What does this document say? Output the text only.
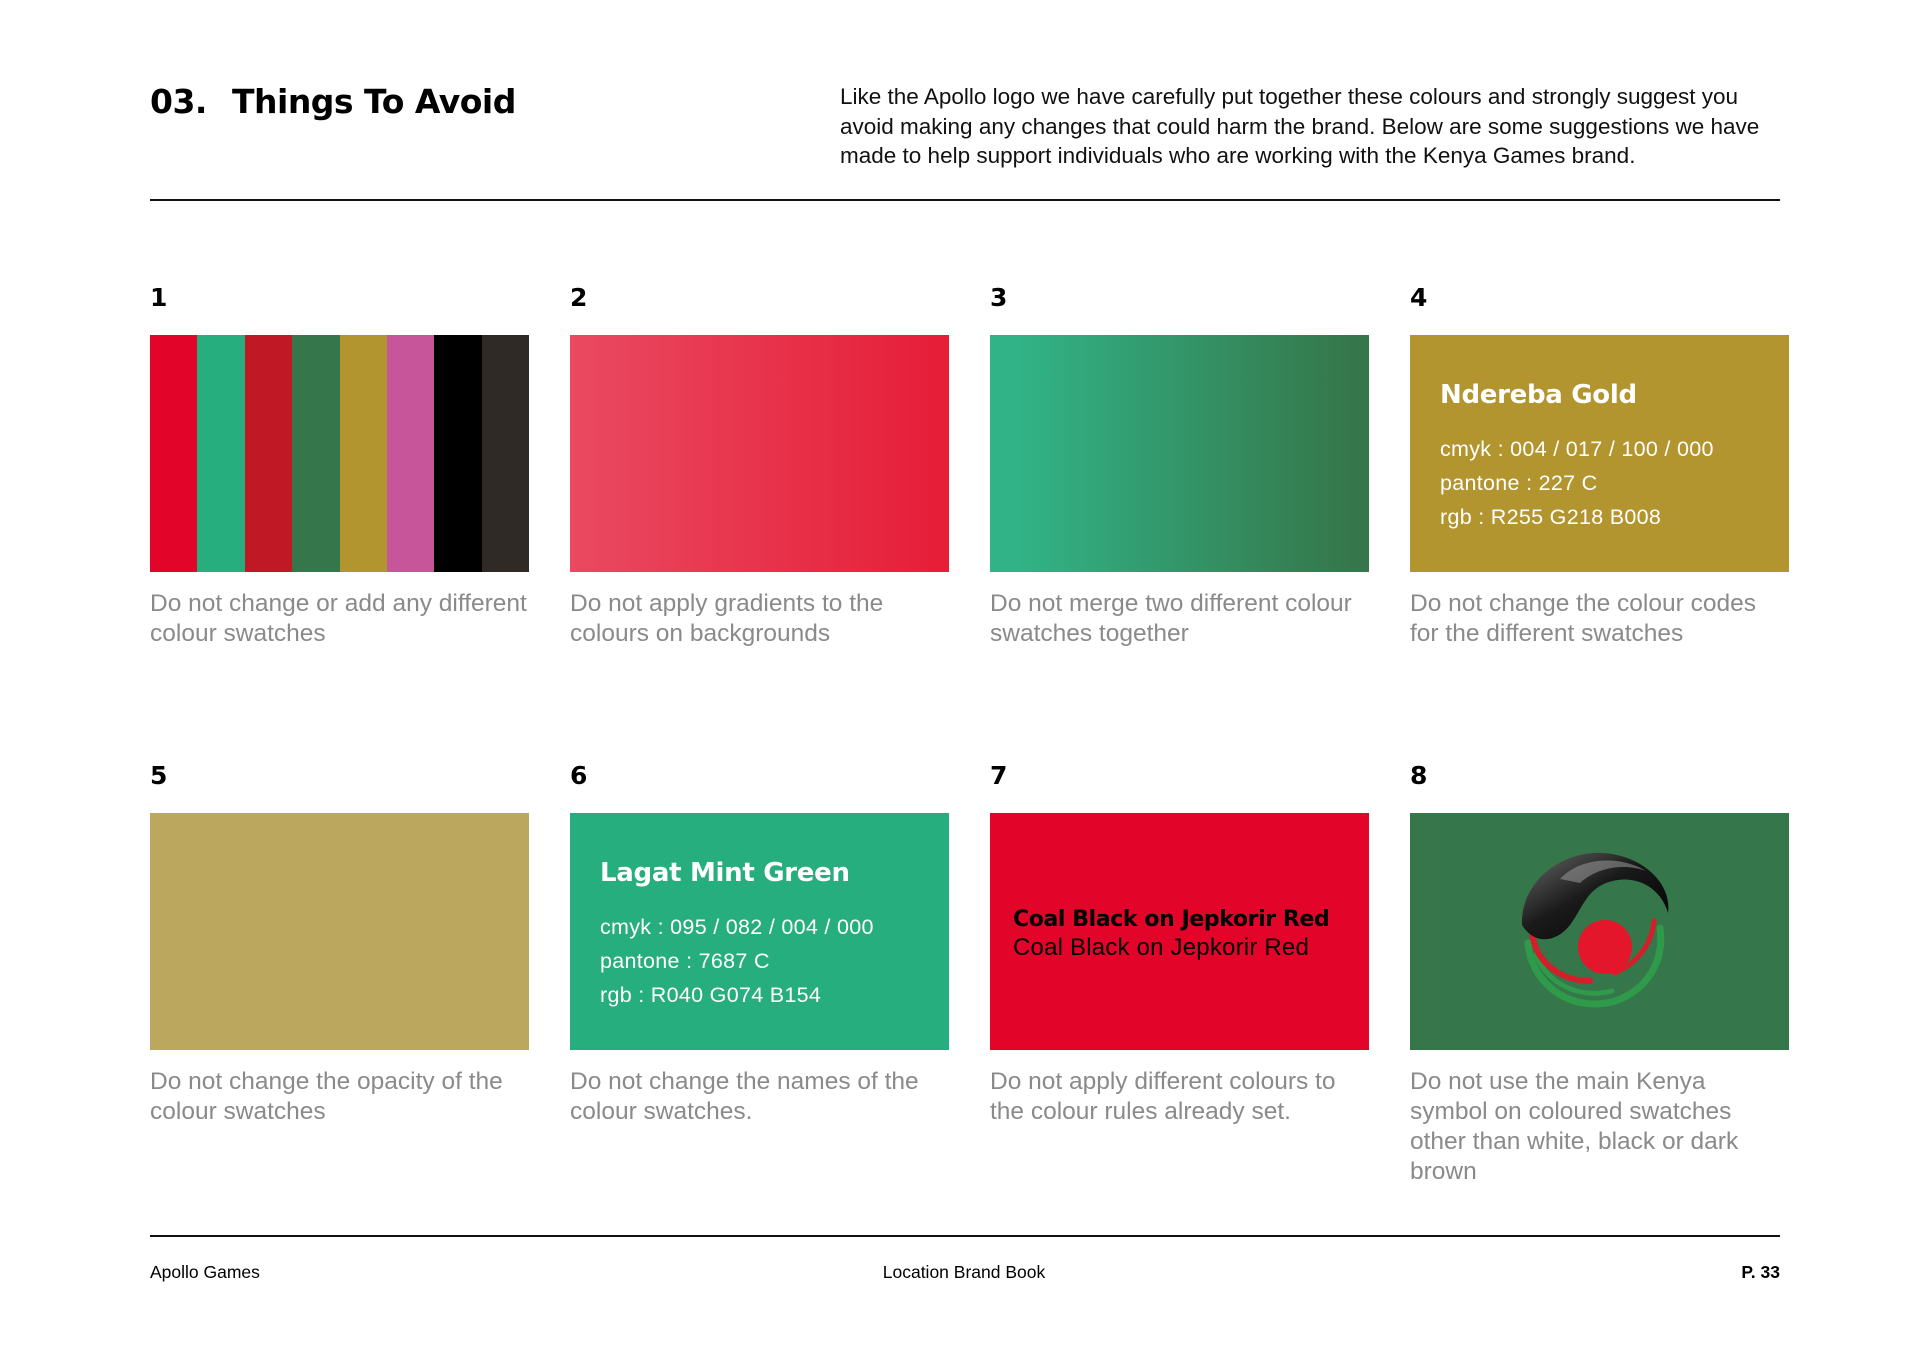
03. Things To Avoid	Like the Apollo logo we have carefully put together these colours and strongly suggest you avoid making any changes that could harm the brand. Below are some suggestions we have made to help support individuals who are working with the Kenya Games brand.

1
Do not change or add any different colour swatches
2
Do not apply gradients to the colours on backgrounds
3
Do not merge two different colour swatches together
4
Ndereba Gold
cmyk : 004 / 017 / 100 / 000
pantone : 227 C
rgb : R255 G218 B008
Do not change the colour codes for the different swatches
5
Do not change the opacity of the colour swatches
6
Lagat Mint Green
cmyk : 095 / 082 / 004 / 000
pantone : 7687 C
rgb : R040 G074 B154
Do not change the names of the colour swatches.
7
Coal Black on Jepkorir Red
Coal Black on Jepkorir Red
Do not apply different colours to the colour rules already set.
8
Do not use the main Kenya symbol on coloured swatches other than white, black or dark brown
Apollo Games	Location Brand Book	P. 33
